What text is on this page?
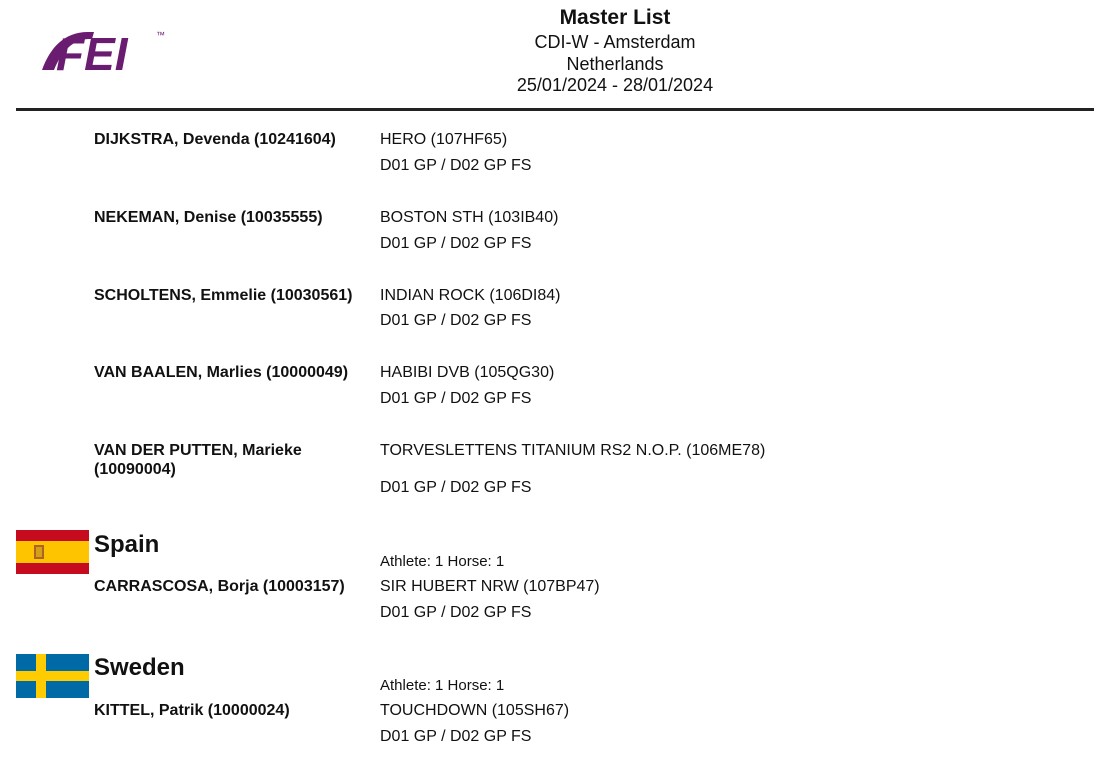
FEI	™
Master List
CDI-W - Amsterdam
Netherlands
25/01/2024 - 28/01/2024
DIJKSTRA, Devenda (10241604)	HERO (107HF65)
D01 GP / D02 GP FS
NEKEMAN, Denise (10035555)	BOSTON STH (103IB40)
D01 GP / D02 GP FS
SCHOLTENS, Emmelie (10030561)	INDIAN ROCK (106DI84)
D01 GP / D02 GP FS
VAN BAALEN, Marlies (10000049)	HABIBI DVB (105QG30)
D01 GP / D02 GP FS
VAN DER PUTTEN, Marieke (10090004)
TORVESLETTENS TITANIUM RS2 N.O.P. (106ME78)
D01 GP / D02 GP FS
Spain
Athlete: 1 Horse: 1
CARRASCOSA, Borja (10003157)	SIR HUBERT NRW (107BP47)
D01 GP / D02 GP FS
Sweden
Athlete: 1 Horse: 1
KITTEL, Patrik (10000024)	TOUCHDOWN (105SH67)
D01 GP / D02 GP FS
